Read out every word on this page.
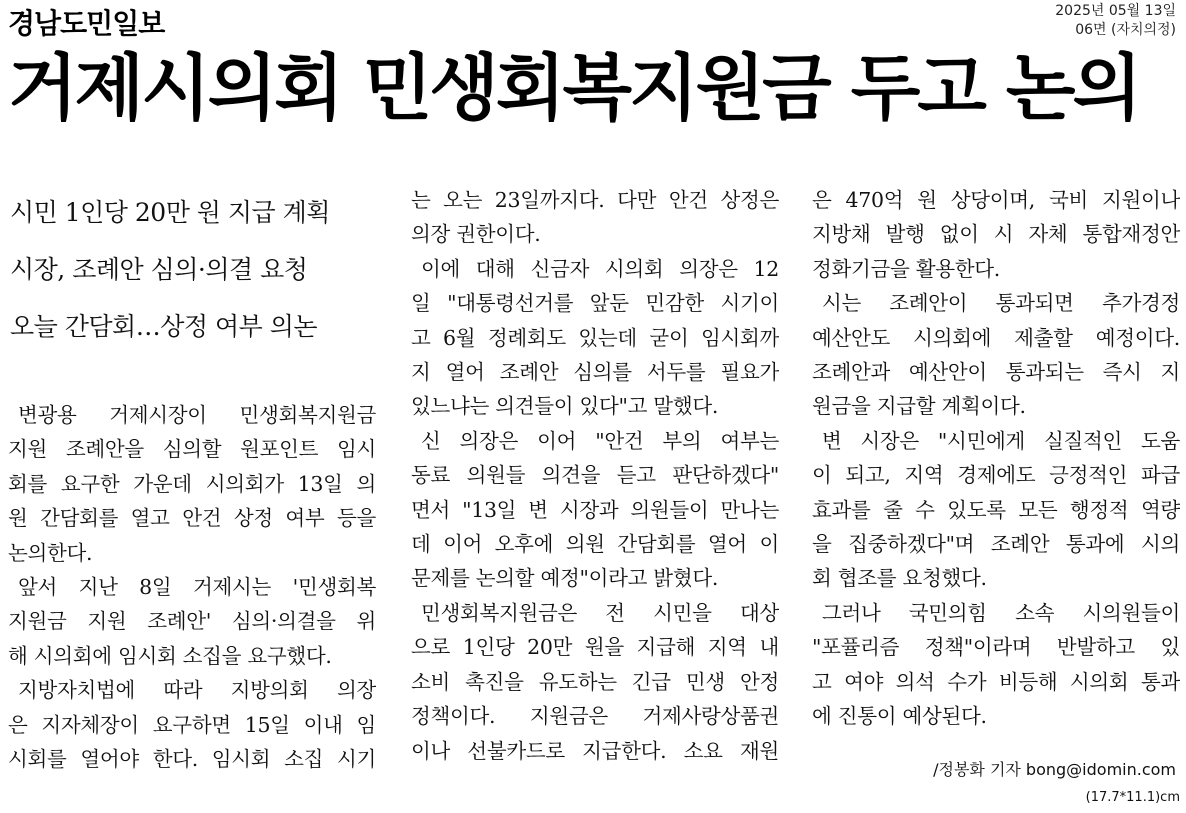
경남도민일보	2025년 05월 13일
06면 (자치의정)
거제시의회 민생회복지원금 두고 논의
시민 1인당 20만 원 지급 계획
시장, 조례안 심의·의결 요청
오늘 간담회…상정 여부 의논
 변광용 거제시장이 민생회복지원금
지원 조례안을 심의할 원포인트 임시
회를 요구한 가운데 시의회가 13일 의
원 간담회를 열고 안건 상정 여부 등을
논의한다.
 앞서 지난 8일 거제시는 '민생회복
지원금 지원 조례안' 심의·의결을 위
해 시의회에 임시회 소집을 요구했다.
 지방자치법에 따라 지방의회 의장
은 지자체장이 요구하면 15일 이내 임
시회를 열어야 한다. 임시회 소집 시기
는 오는 23일까지다. 다만 안건 상정은
의장 권한이다.
 이에 대해 신금자 시의회 의장은 12
일 "대통령선거를 앞둔 민감한 시기이
고 6월 정례회도 있는데 굳이 임시회까
지 열어 조례안 심의를 서두를 필요가
있느냐는 의견들이 있다"고 말했다.
 신 의장은 이어 "안건 부의 여부는
동료 의원들 의견을 듣고 판단하겠다"
면서 "13일 변 시장과 의원들이 만나는
데 이어 오후에 의원 간담회를 열어 이
문제를 논의할 예정"이라고 밝혔다.
 민생회복지원금은 전 시민을 대상
으로 1인당 20만 원을 지급해 지역 내
소비 촉진을 유도하는 긴급 민생 안정
정책이다. 지원금은 거제사랑상품권
이나 선불카드로 지급한다. 소요 재원
은 470억 원 상당이며, 국비 지원이나
지방채 발행 없이 시 자체 통합재정안
정화기금을 활용한다.
 시는 조례안이 통과되면 추가경정
예산안도 시의회에 제출할 예정이다.
조례안과 예산안이 통과되는 즉시 지
원금을 지급할 계획이다.
 변 시장은 "시민에게 실질적인 도움
이 되고, 지역 경제에도 긍정적인 파급
효과를 줄 수 있도록 모든 행정적 역량
을 집중하겠다"며 조례안 통과에 시의
회 협조를 요청했다.
 그러나 국민의힘 소속 시의원들이
"포퓰리즘 정책"이라며 반발하고 있
고 여야 의석 수가 비등해 시의회 통과
에 진통이 예상된다.
/정봉화 기자 bong@idomin.com
(17.7*11.1)cm
